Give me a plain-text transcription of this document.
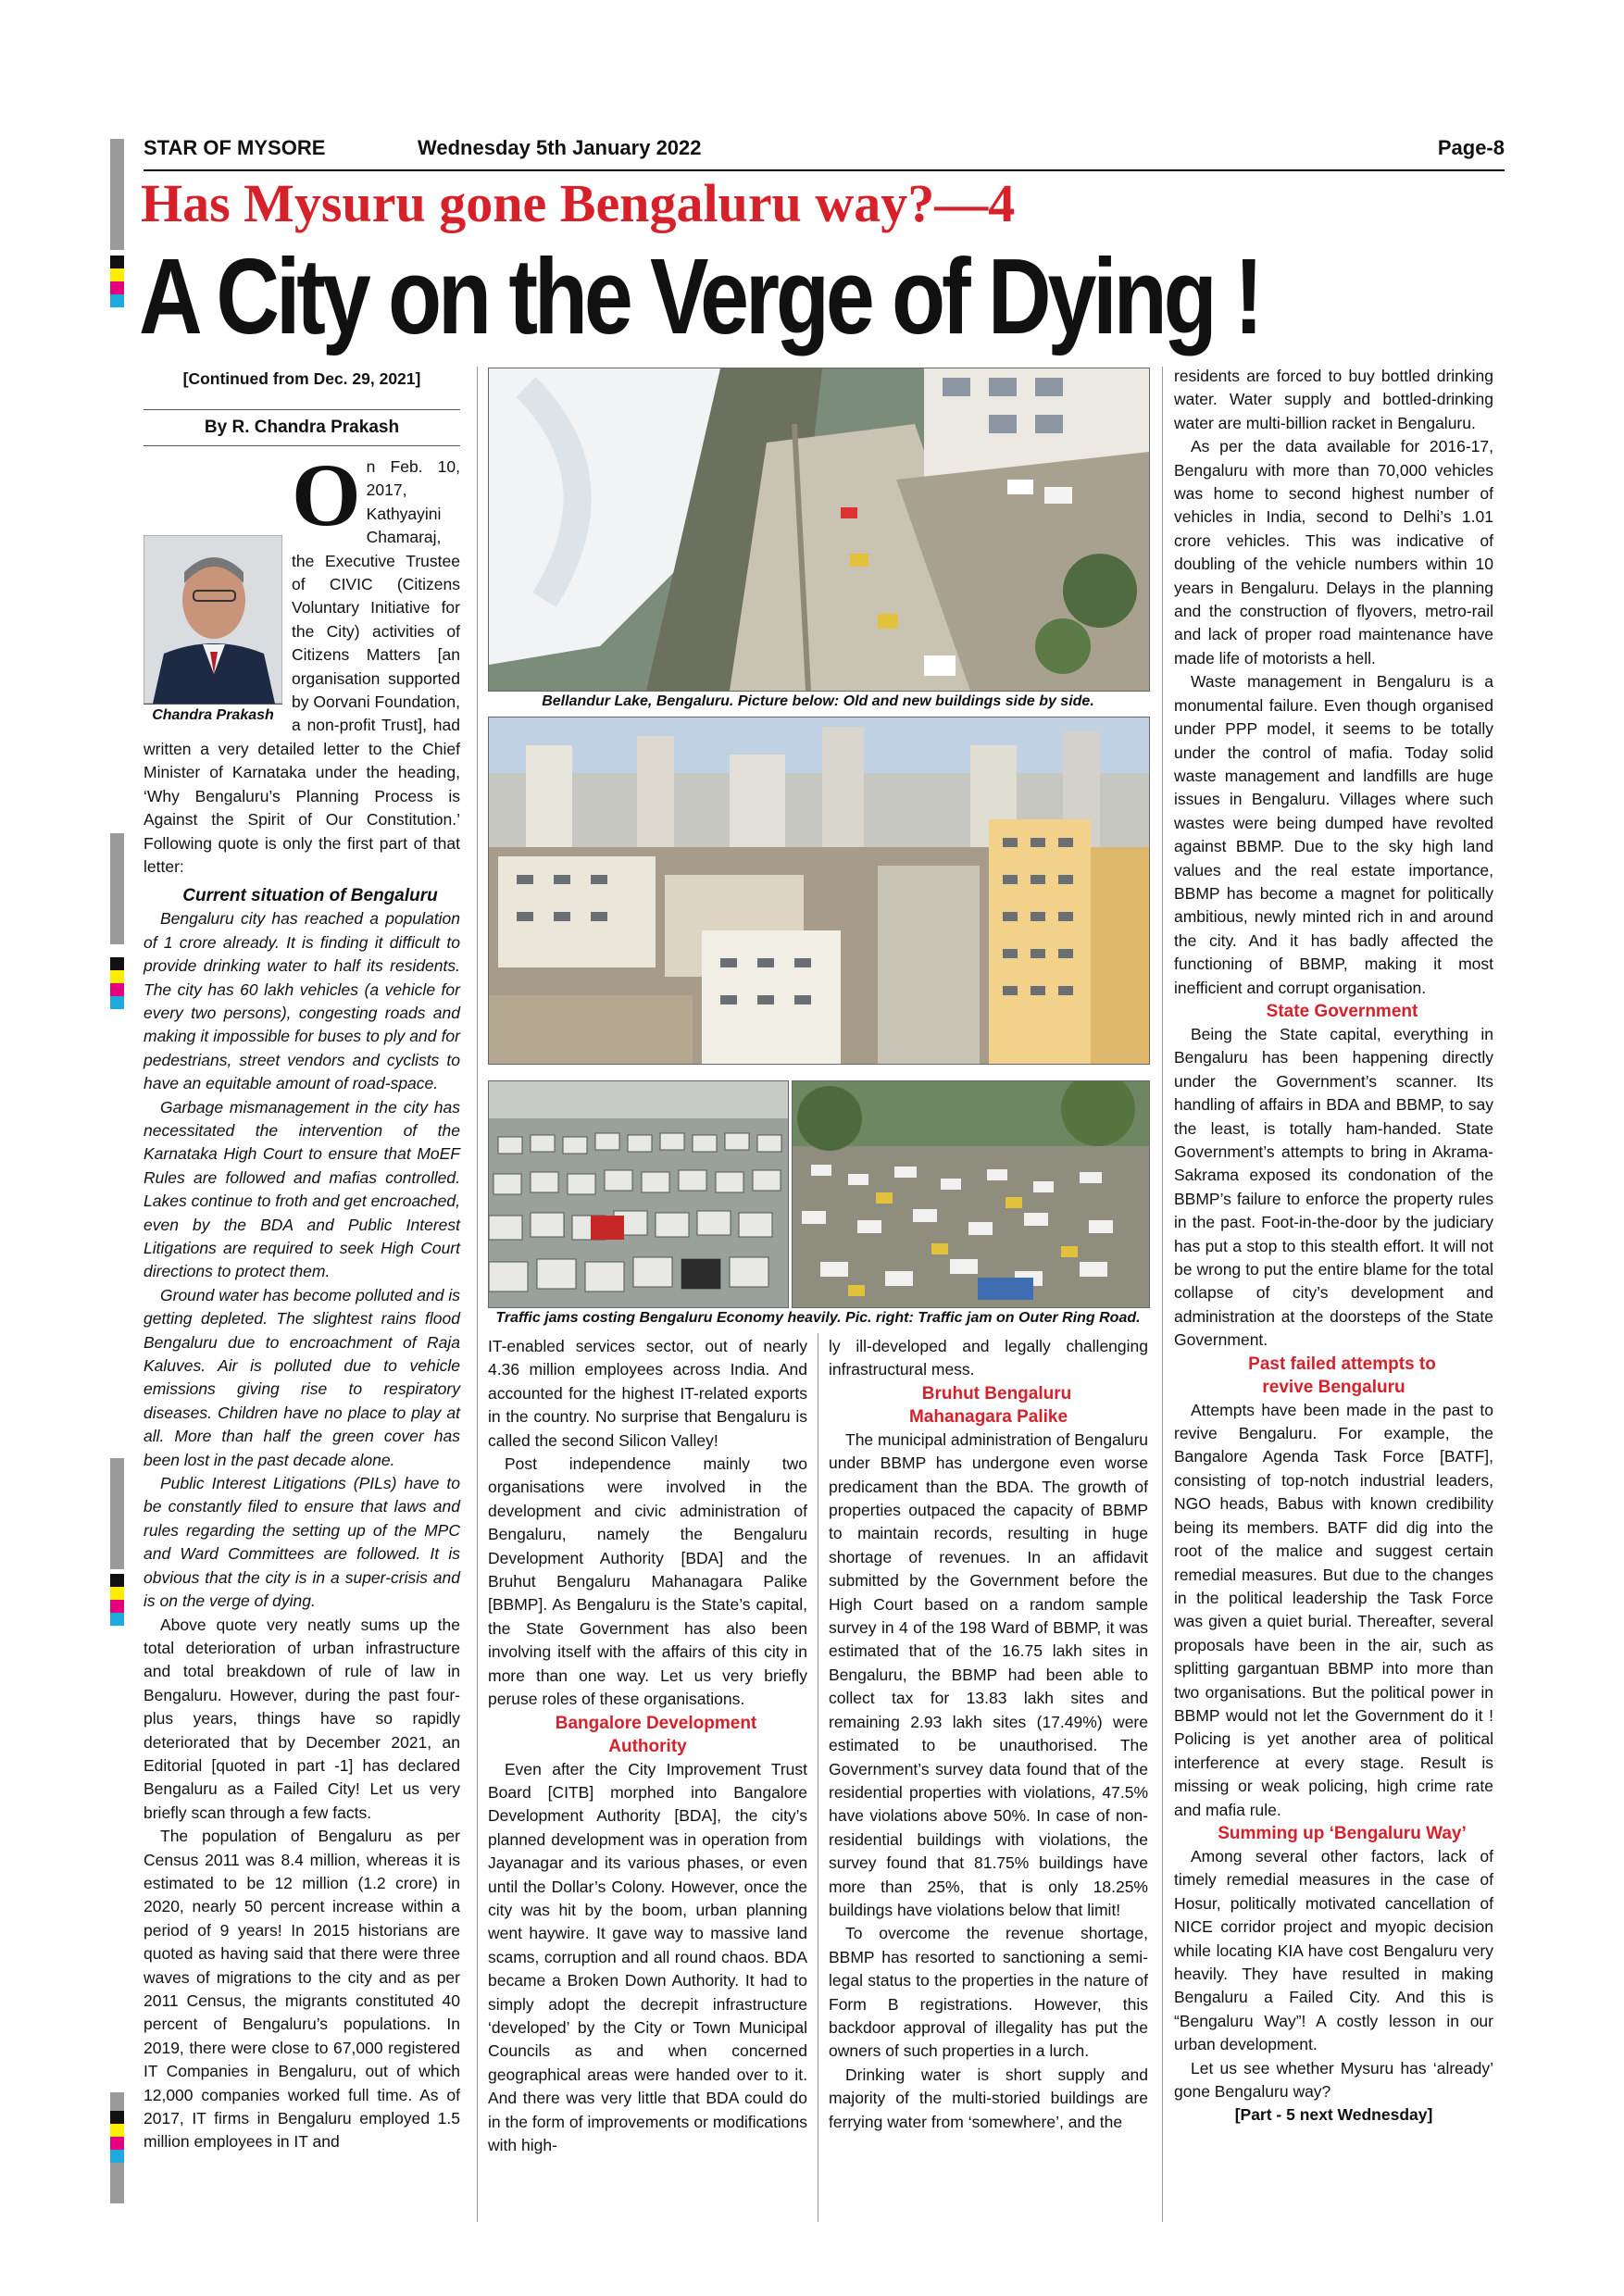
STAR OF MYSORE	Wednesday 5th January 2022	Page-8
Has Mysuru gone Bengaluru way?—4
A City on the Verge of Dying !
[Continued from Dec. 29, 2021]
By R. Chandra Prakash
Chandra Prakash
O n Feb. 10, 2017, Kathyayini Chamaraj, the Executive Trustee of CIVIC (Citizens Voluntary Initiative for the City) activities of Citizens Matters [an organisation supported by Oorvani Foundation, a non-profit Trust], had written a very detailed letter to the Chief Minister of Karnataka under the heading, ‘Why Bengaluru’s Planning Process is Against the Spirit of Our Constitution.’ Following quote is only the first part of that letter:

Current situation of Bengaluru

Bengaluru city has reached a population of 1 crore already. It is finding it difficult to provide drinking water to half its residents. The city has 60 lakh vehicles (a vehicle for every two persons), congesting roads and making it impossible for buses to ply and for pedestrians, street vendors and cyclists to have an equitable amount of road-space.

Garbage mismanagement in the city has necessitated the intervention of the Karnataka High Court to ensure that MoEF Rules are followed and mafias controlled. Lakes continue to froth and get encroached, even by the BDA and Public Interest Litigations are required to seek High Court directions to protect them.

Ground water has become polluted and is getting depleted. The slightest rains flood Bengaluru due to encroachment of Raja Kaluves. Air is polluted due to vehicle emissions giving rise to respiratory diseases. Children have no place to play at all. More than half the green cover has been lost in the past decade alone.

Public Interest Litigations (PILs) have to be constantly filed to ensure that laws and rules regarding the setting up of the MPC and Ward Committees are followed. It is obvious that the city is in a super-crisis and is on the verge of dying.

Above quote very neatly sums up the total deterioration of urban infrastructure and total breakdown of rule of law in Bengaluru. However, during the past four-plus years, things have so rapidly deteriorated that by December 2021, an Editorial [quoted in part -1] has declared Bengaluru as a Failed City! Let us very briefly scan through a few facts.

The population of Bengaluru as per Census 2011 was 8.4 million, whereas it is estimated to be 12 million (1.2 crore) in 2020, nearly 50 percent increase within a period of 9 years! In 2015 historians are quoted as having said that there were three waves of migrations to the city and as per 2011 Census, the migrants constituted 40 percent of Bengaluru’s populations. In 2019, there were close to 67,000 registered IT Companies in Bengaluru, out of which 12,000 companies worked full time. As of 2017, IT firms in Bengaluru employed 1.5 million employees in IT and

Bellandur Lake, Bengaluru. Picture below: Old and new buildings side by side.
Traffic jams costing Bengaluru Economy heavily. Pic. right: Traffic jam on Outer Ring Road.

IT-enabled services sector, out of nearly 4.36 million employees across India. And accounted for the highest IT-related exports in the country. No surprise that Bengaluru is called the second Silicon Valley!

Post independence mainly two organisations were involved in the development and civic administration of Bengaluru, namely the Bengaluru Development Authority [BDA] and the Bruhut Bengaluru Mahanagara Palike [BBMP]. As Bengaluru is the State’s capital, the State Government has also been involving itself with the affairs of this city in more than one way. Let us very briefly peruse roles of these organisations.

Bangalore Development
Authority

Even after the City Improvement Trust Board [CITB] morphed into Bangalore Development Authority [BDA], the city’s planned development was in operation from Jayanagar and its various phases, or even until the Dollar’s Colony. However, once the city was hit by the boom, urban planning went haywire. It gave way to massive land scams, corruption and all round chaos. BDA became a Broken Down Authority. It had to simply adopt the decrepit infrastructure ‘developed’ by the City or Town Municipal Councils as and when concerned geographical areas were handed over to it. And there was very little that BDA could do in the form of improvements or modifications with high-

ly ill-developed and legally challenging infrastructural mess.

Bruhut Bengaluru
Mahanagara Palike

The municipal administration of Bengaluru under BBMP has undergone even worse predicament than the BDA. The growth of properties outpaced the capacity of BBMP to maintain records, resulting in huge shortage of revenues. In an affidavit submitted by the Government before the High Court based on a random sample survey in 4 of the 198 Ward of BBMP, it was estimated that of the 16.75 lakh sites in Bengaluru, the BBMP had been able to collect tax for 13.83 lakh sites and remaining 2.93 lakh sites (17.49%) were estimated to be unauthorised. The Government’s survey data found that of the residential properties with violations, 47.5% have violations above 50%. In case of non-residential buildings with violations, the survey found that 81.75% buildings have more than 25%, that is only 18.25% buildings have violations below that limit!

To overcome the revenue shortage, BBMP has resorted to sanctioning a semi-legal status to the properties in the nature of Form B registrations. However, this backdoor approval of illegality has put the owners of such properties in a lurch.

Drinking water is short supply and majority of the multi-storied buildings are ferrying water from ‘somewhere’, and the

residents are forced to buy bottled drinking water. Water supply and bottled-drinking water are multi-billion racket in Bengaluru.

As per the data available for 2016-17, Bengaluru with more than 70,000 vehicles was home to second highest number of vehicles in India, second to Delhi’s 1.01 crore vehicles. This was indicative of doubling of the vehicle numbers within 10 years in Bengaluru. Delays in the planning and the construction of flyovers, metro-rail and lack of proper road maintenance have made life of motorists a hell.

Waste management in Bengaluru is a monumental failure. Even though organised under PPP model, it seems to be totally under the control of mafia. Today solid waste management and landfills are huge issues in Bengaluru. Villages where such wastes were being dumped have revolted against BBMP. Due to the sky high land values and the real estate importance, BBMP has become a magnet for politically ambitious, newly minted rich in and around the city. And it has badly affected the functioning of BBMP, making it most inefficient and corrupt organisation.

State Government

Being the State capital, everything in Bengaluru has been happening directly under the Government’s scanner. Its handling of affairs in BDA and BBMP, to say the least, is totally ham-handed. State Government’s attempts to bring in Akrama-Sakrama exposed its condonation of the BBMP’s failure to enforce the property rules in the past. Foot-in-the-door by the judiciary has put a stop to this stealth effort. It will not be wrong to put the entire blame for the total collapse of city’s development and administration at the doorsteps of the State Government.

Past failed attempts to
revive Bengaluru

Attempts have been made in the past to revive Bengaluru. For example, the Bangalore Agenda Task Force [BATF], consisting of top-notch industrial leaders, NGO heads, Babus with known credibility being its members. BATF did dig into the root of the malice and suggest certain remedial measures. But due to the changes in the political leadership the Task Force was given a quiet burial. Thereafter, several proposals have been in the air, such as splitting gargantuan BBMP into more than two organisations. But the political power in BBMP would not let the Government do it ! Policing is yet another area of political interference at every stage. Result is missing or weak policing, high crime rate and mafia rule.

Summing up ‘Bengaluru Way’

Among several other factors, lack of timely remedial measures in the case of Hosur, politically motivated cancellation of NICE corridor project and myopic decision while locating KIA have cost Bengaluru very heavily. They have resulted in making Bengaluru a Failed City. And this is “Bengaluru Way”! A costly lesson in our urban development.

Let us see whether Mysuru has ‘already’ gone Bengaluru way?

[Part - 5 next Wednesday]
